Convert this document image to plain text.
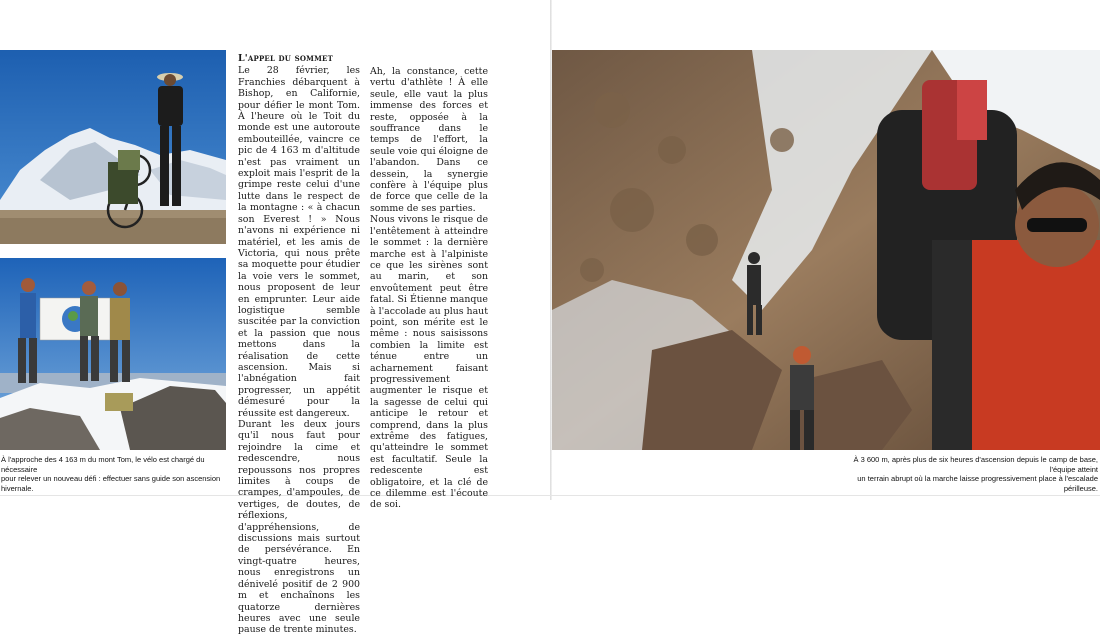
L'appel du sommet

Le 28 février, les Franchies débarquent à Bishop, en Californie, pour défier le mont Tom. À l'heure où le Toit du monde est une autoroute embouteillée, vaincre ce pic de 4 163 m d'altitude n'est pas vraiment un exploit mais l'esprit de la grimpe reste celui d'une lutte dans le respect de la montagne : « à chacun son Everest ! » Nous n'avons ni expérience ni matériel, et les amis de Victoria, qui nous prête sa moquette pour étudier la voie vers le sommet, nous proposent de leur en emprunter. Leur aide logistique semble suscitée par la conviction et la passion que nous mettons dans la réalisation de cette ascension. Mais si l'abnégation fait progresser, un appétit démesuré pour la réussite est dangereux.

Durant les deux jours qu'il nous faut pour rejoindre la cime et redescendre, nous repoussons nos propres limites à coups de crampes, d'ampoules, de vertiges, de doutes, de réflexions, d'appréhensions, de discussions mais surtout de persévérance. En vingt-quatre heures, nous enregistrons un dénivelé positif de 2 900 m et enchaînons les quatorze dernières heures avec une seule pause de trente minutes.

Ah, la constance, cette vertu d'athlète ! À elle seule, elle vaut la plus immense des forces et reste, opposée à la souffrance dans le temps de l'effort, la seule voie qui éloigne de l'abandon. Dans ce dessein, la synergie confère à l'équipe plus de force que celle de la somme de ses parties.

Nous vivons le risque de l'entêtement à atteindre le sommet : la dernière marche est à l'alpiniste ce que les sirènes sont au marin, et son envoûtement peut être fatal. Si Étienne manque à l'accolade au plus haut point, son mérite est le même : nous saisissons combien la limite est ténue entre un acharnement faisant progressivement augmenter le risque et la sagesse de celui qui anticipe le retour et comprend, dans la plus extrême des fatigues, qu'atteindre le sommet est facultatif. Seule la redescente est obligatoire, et la clé de ce dilemme est l'écoute de soi.

À l'approche des 4 163 m du mont Tom, le vélo est chargé du nécessaire
pour relever un nouveau défi : effectuer sans guide son ascension hivernale.
À 3 600 m, après plus de six heures d'ascension depuis le camp de base, l'équipe atteint
un terrain abrupt où la marche laisse progressivement place à l'escalade périlleuse.
